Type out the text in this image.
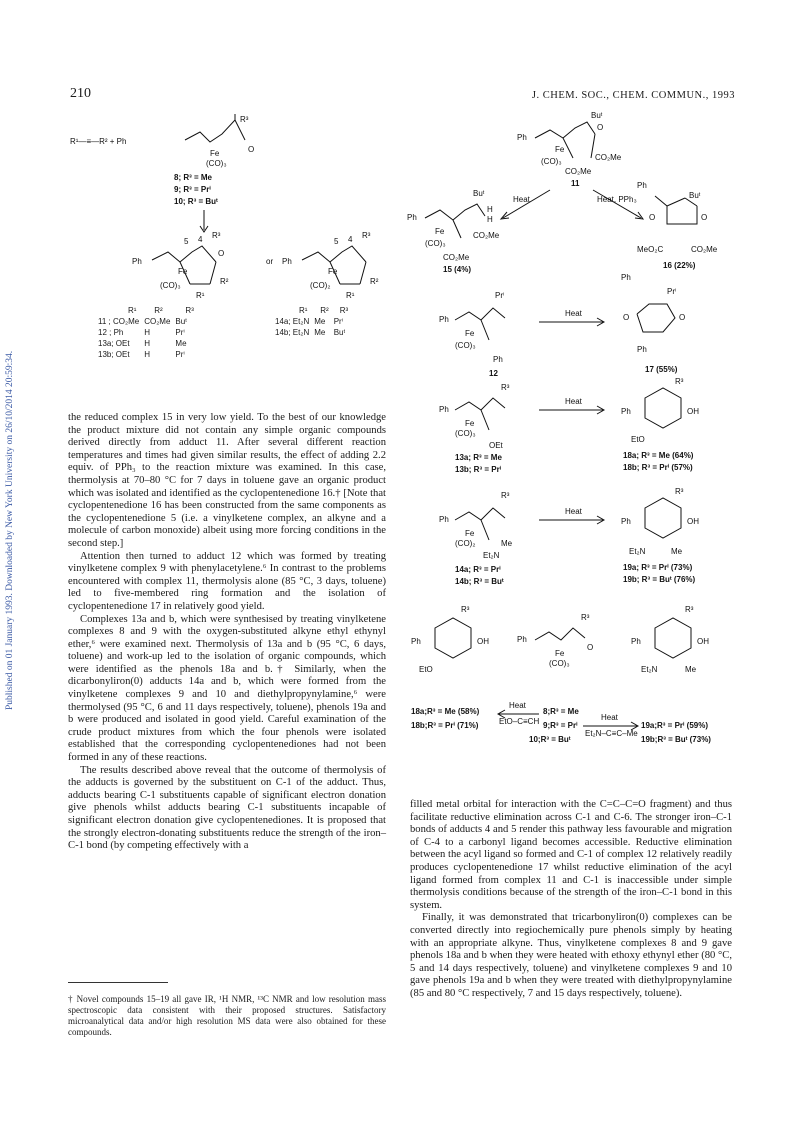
210	J. CHEM. SOC., CHEM. COMMUN., 1993
Published on 01 January 1993. Downloaded by New York University on 26/10/2014 20:59:34.
R¹—≡—R² + Ph
R³
Fe
(CO)₃
O
8; R³ = Me
9; R³ = Prⁱ
10; R³ = Buᵗ
Ph
5 4 R³
O
Fe
(CO)₃	R²
R¹
or Ph
5 4 R³
Fe
(CO)₂	R²
R¹
R¹	R²	R³
11 ; CO₂Me	CO₂Me	Buᵗ
12 ; Ph	H	Prⁱ
13a; OEt	H	Me
13b; OEt	H	Prⁱ
R¹	R²	R³
14a; Et₂N	Me	Prⁱ
14b; Et₂N	Me	Buᵗ
Ph
Buᵗ
O
Fe
(CO)₃	CO₂Me
CO₂Me
11
Heat	Heat, PPh₃
Ph
Buᵗ
H
H
Fe
(CO)₃
CO₂Me
CO₂Me
15 (4%)
Ph
Buᵗ
O	O
MeO₂C	CO₂Me
16 (22%)
Ph
Prⁱ
Fe
(CO)₃
Ph
12
Heat
Ph
Prⁱ
O	O
Ph
17 (55%)
Ph
R³
Fe
(CO)₃
OEt
13a; R³ = Me
13b; R³ = Prⁱ
Heat
Ph
R³
OH
EtO
18a; R³ = Me (64%)
18b; R³ = Prⁱ (57%)
Ph
R³
Fe
(CO)₂	Me
Et₂N
14a; R³ = Prⁱ
14b; R³ = Buᵗ
Heat
Ph
R³
OH
Et₂N	Me
19a; R³ = Prⁱ (73%)
19b; R³ = Buᵗ (76%)
Ph
R³
OH
EtO
Ph
R³
Fe
(CO)₃
O
Ph
R³
OH
Et₂N	Me
18a;R³ = Me (58%)
18b;R³ = Prⁱ (71%)
Heat
EtO–C≡CH
8;R³ = Me
9;R³ = Prⁱ
10;R³ = Buᵗ
Heat
Et₂N–C≡C–Me
19a;R³ = Prⁱ (59%)
19b;R³ = Buᵗ (73%)

the reduced complex 15 in very low yield. To the best of our knowledge the product mixture did not contain any simple organic compounds derived directly from adduct 11. After several different reaction temperatures and times had given similar results, the effect of adding 2.2 equiv. of PPh₃ to the reaction mixture was examined. In this case, thermolysis at 70–80 °C for 7 days in toluene gave an organic product which was isolated and identified as the cyclopentenedione 16.† [Note that cyclopentenedione 16 has been constructed from the same components as the cyclopentenedione 5 (i.e. a vinylketene complex, an alkyne and a molecule of carbon monoxide) albeit using more forcing conditions in the second step.]

Attention then turned to adduct 12 which was formed by treating vinylketene complex 9 with phenylacetylene.⁶ In contrast to the problems encountered with complex 11, thermolysis alone (85 °C, 3 days, toluene) led to five-membered ring formation and the isolation of cyclopentenedione 17 in relatively good yield.

Complexes 13a and b, which were synthesised by treating vinylketene complexes 8 and 9 with the oxygen-substituted alkyne ethyl ethynyl ether,⁶ were examined next. Thermolysis of 13a and b (95 °C, 6 days, toluene) and work-up led to the isolation of organic compounds, which were identified as the phenols 18a and b.† Similarly, when the dicarbonyliron(0) adducts 14a and b, which were formed from the vinylketene complexes 9 and 10 and diethylpropynylamine,⁶ were thermolysed (95 °C, 6 and 11 days respectively, toluene), phenols 19a and b were produced and isolated in good yield. Careful examination of the crude product mixtures from which the four phenols were isolated established that the corresponding cyclopentenediones had not been formed in any of these reactions.

The results described above reveal that the outcome of thermolysis of the adducts is governed by the substituent on C-1 of the adduct. Thus, adducts bearing C-1 substituents capable of significant electron donation give phenols whilst adducts bearing C-1 substituents incapable of significant electron donation give cyclopentenediones. It is proposed that the strongly electron-donating substituents reduce the strength of the iron–C-1 bond (by competing effectively with a

† Novel compounds 15–19 all gave IR, ¹H NMR, ¹³C NMR and low resolution mass spectroscopic data consistent with their proposed structures. Satisfactory microanalytical data and/or high resolution MS data were also obtained for these compounds.

filled metal orbital for interaction with the C=C–C=O fragment) and thus facilitate reductive elimination across C-1 and C-6. The stronger iron–C-1 bonds of adducts 4 and 5 render this pathway less favourable and migration of C-4 to a carbonyl ligand becomes accessible. Reductive elimination between the acyl ligand so formed and C-1 of complex 12 relatively readily produces cyclopentenedione 17 whilst reductive elimination of the acyl ligand formed from complex 11 and C-1 is inaccessible under simple thermolysis conditions because of the strength of the iron–C-1 bond in this system.

Finally, it was demonstrated that tricarbonyliron(0) complexes can be converted directly into regiochemically pure phenols simply by heating with an appropriate alkyne. Thus, vinylketene complexes 8 and 9 gave phenols 18a and b when they were heated with ethoxy ethynyl ether (80 °C, 5 and 14 days respectively, toluene) and vinylketene complexes 9 and 10 gave phenols 19a and b when they were treated with diethylpropynylamine (85 and 80 °C respectively, 7 and 15 days respectively, toluene).
